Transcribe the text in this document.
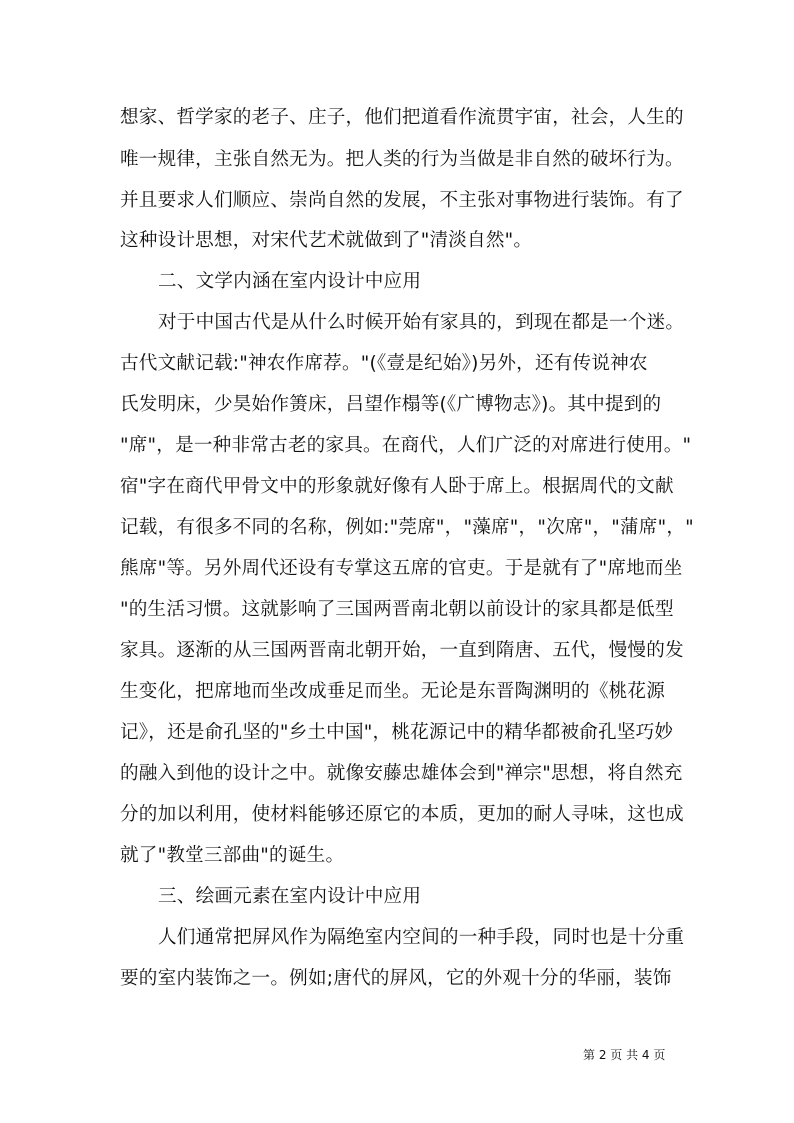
想家、哲学家的老子、庄子，他们把道看作流贯宇宙，社会，人生的
唯一规律，主张自然无为。把人类的行为当做是非自然的破坏行为。
并且要求人们顺应、崇尚自然的发展，不主张对事物进行装饰。有了
这种设计思想，对宋代艺术就做到了"清淡自然"。
二、文学内涵在室内设计中应用
对于中国古代是从什么时候开始有家具的，到现在都是一个迷。
古代文献记载:"神农作席荐。"(《壹是纪始》)另外，还有传说神农
氏发明床，少昊始作箦床，吕望作榻等(《广博物志》)。其中提到的
"席"，是一种非常古老的家具。在商代，人们广泛的对席进行使用。"
宿"字在商代甲骨文中的形象就好像有人卧于席上。根据周代的文献
记载，有很多不同的名称，例如:"莞席"，"藻席"，"次席"，"蒲席"，"
熊席"等。另外周代还设有专掌这五席的官吏。于是就有了"席地而坐
"的生活习惯。这就影响了三国两晋南北朝以前设计的家具都是低型
家具。逐渐的从三国两晋南北朝开始，一直到隋唐、五代，慢慢的发
生变化，把席地而坐改成垂足而坐。无论是东晋陶渊明的《桃花源
记》，还是俞孔坚的"乡土中国"，桃花源记中的精华都被俞孔坚巧妙
的融入到他的设计之中。就像安藤忠雄体会到"禅宗"思想，将自然充
分的加以利用，使材料能够还原它的本质，更加的耐人寻味，这也成
就了"教堂三部曲"的诞生。
三、绘画元素在室内设计中应用
人们通常把屏风作为隔绝室内空间的一种手段，同时也是十分重
要的室内装饰之一。例如;唐代的屏风，它的外观十分的华丽，装饰
第 2 页 共 4 页
